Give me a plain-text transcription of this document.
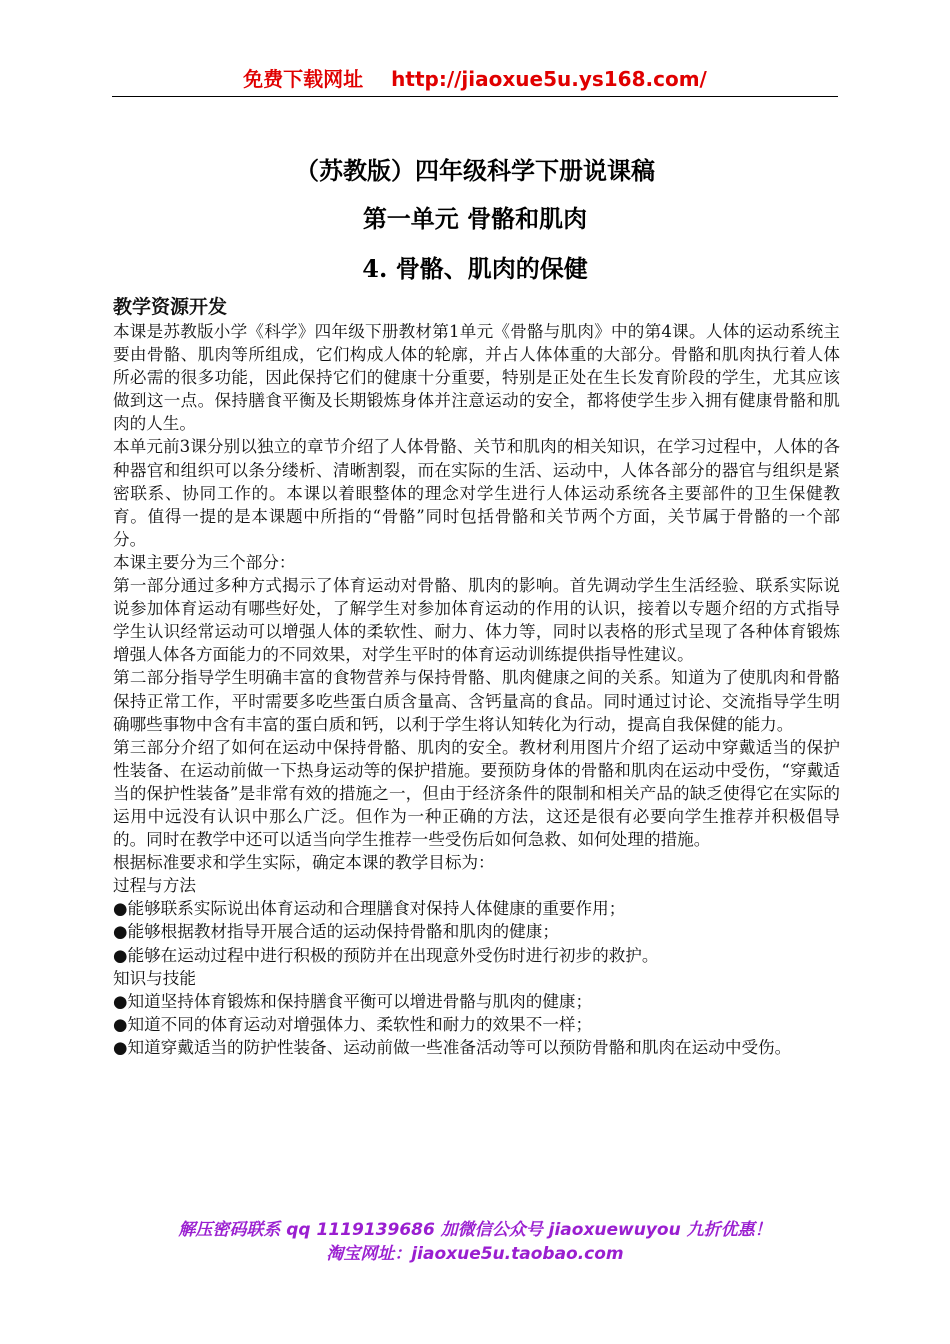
免费下载网址 http://jiaoxue5u.ys168.com/
（苏教版）四年级科学下册说课稿
第一单元 骨骼和肌肉
4. 骨骼、肌肉的保健
教学资源开发

本课是苏教版小学《科学》四年级下册教材第1单元《骨骼与肌肉》中的第4课。人体的运动系统主要由骨骼、肌肉等所组成，它们构成人体的轮廓，并占人体体重的大部分。骨骼和肌肉执行着人体所必需的很多功能，因此保持它们的健康十分重要，特别是正处在生长发育阶段的学生，尤其应该做到这一点。保持膳食平衡及长期锻炼身体并注意运动的安全，都将使学生步入拥有健康骨骼和肌肉的人生。

本单元前3课分别以独立的章节介绍了人体骨骼、关节和肌肉的相关知识，在学习过程中，人体的各种器官和组织可以条分缕析、清晰割裂，而在实际的生活、运动中，人体各部分的器官与组织是紧密联系、协同工作的。本课以着眼整体的理念对学生进行人体运动系统各主要部件的卫生保健教育。值得一提的是本课题中所指的“骨骼”同时包括骨骼和关节两个方面，关节属于骨骼的一个部分。

本课主要分为三个部分：

第一部分通过多种方式揭示了体育运动对骨骼、肌肉的影响。首先调动学生生活经验、联系实际说说参加体育运动有哪些好处，了解学生对参加体育运动的作用的认识，接着以专题介绍的方式指导学生认识经常运动可以增强人体的柔软性、耐力、体力等，同时以表格的形式呈现了各种体育锻炼增强人体各方面能力的不同效果，对学生平时的体育运动训练提供指导性建议。

第二部分指导学生明确丰富的食物营养与保持骨骼、肌肉健康之间的关系。知道为了使肌肉和骨骼保持正常工作，平时需要多吃些蛋白质含量高、含钙量高的食品。同时通过讨论、交流指导学生明确哪些事物中含有丰富的蛋白质和钙，以利于学生将认知转化为行动，提高自我保健的能力。

第三部分介绍了如何在运动中保持骨骼、肌肉的安全。教材利用图片介绍了运动中穿戴适当的保护性装备、在运动前做一下热身运动等的保护措施。要预防身体的骨骼和肌肉在运动中受伤，“穿戴适当的保护性装备”是非常有效的措施之一，但由于经济条件的限制和相关产品的缺乏使得它在实际的运用中远没有认识中那么广泛。但作为一种正确的方法，这还是很有必要向学生推荐并积极倡导的。同时在教学中还可以适当向学生推荐一些受伤后如何急救、如何处理的措施。

根据标准要求和学生实际，确定本课的教学目标为：

过程与方法

●能够联系实际说出体育运动和合理膳食对保持人体健康的重要作用；

●能够根据教材指导开展合适的运动保持骨骼和肌肉的健康；

●能够在运动过程中进行积极的预防并在出现意外受伤时进行初步的救护。

知识与技能

●知道坚持体育锻炼和保持膳食平衡可以增进骨骼与肌肉的健康；

●知道不同的体育运动对增强体力、柔软性和耐力的效果不一样；

●知道穿戴适当的防护性装备、运动前做一些准备活动等可以预防骨骼和肌肉在运动中受伤。

解压密码联系 qq 1119139686 加微信公众号 jiaoxuewuyou 九折优惠！
淘宝网址：jiaoxue5u.taobao.com
